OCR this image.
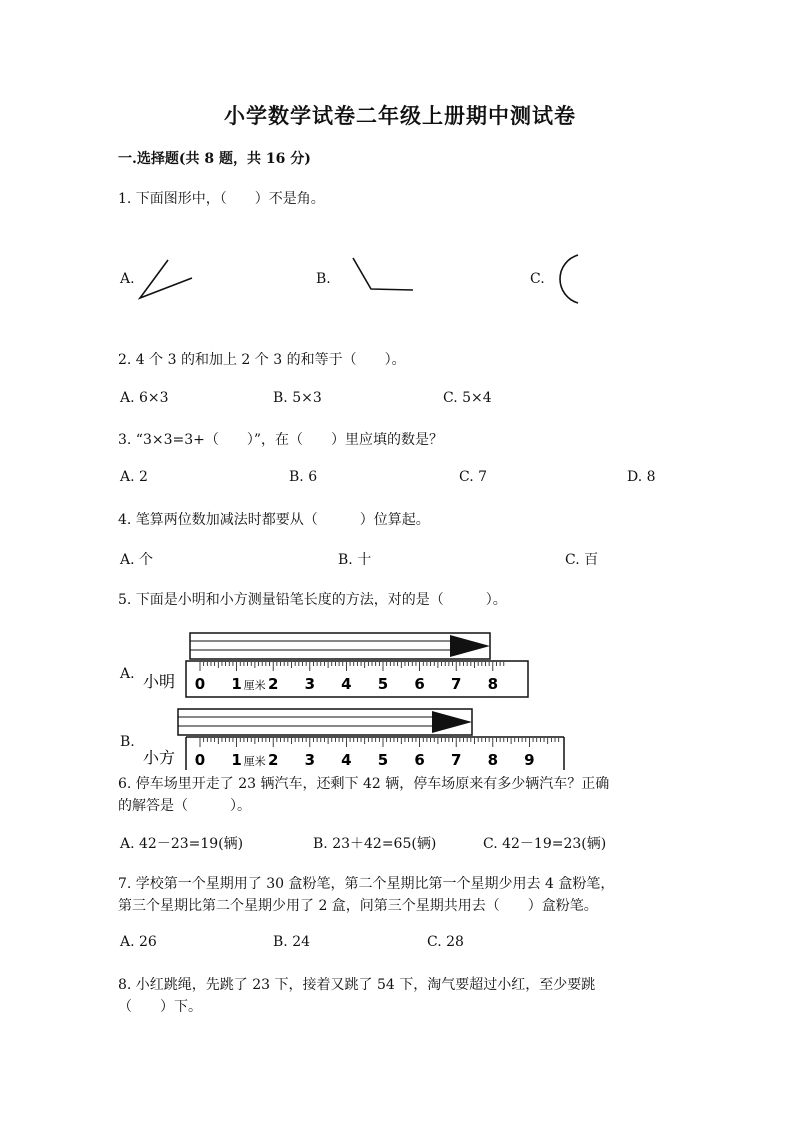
小学数学试卷二年级上册期中测试卷
一.选择题(共 8 题，共 16 分)
1. 下面图形中，（　　）不是角。
A.	B.	C.
2. 4 个 3 的和加上 2 个 3 的和等于（　　）。
A. 6×3	B. 5×3	C. 5×4
3. “3×3=3+（　　）”，在（　　）里应填的数是？
A. 2	B. 6	C. 7	D. 8
4. 笔算两位数加减法时都要从（　　　）位算起。
A. 个	B. 十	C. 百
5. 下面是小明和小方测量铅笔长度的方法，对的是（　　　）。
A.
B.
0 1 厘米 2 3 4 5 6 7 8
小明
0 1 厘米 2 3 4 5 6 7 8 9
小方
6. 停车场里开走了 23 辆汽车，还剩下 42 辆，停车场原来有多少辆汽车？正确
的解答是（　　　）。
A. 42－23=19(辆)	B. 23＋42=65(辆)	C. 42－19=23(辆)
7. 学校第一个星期用了 30 盒粉笔，第二个星期比第一个星期少用去 4 盒粉笔，
第三个星期比第二个星期少用了 2 盒，问第三个星期共用去（　　）盒粉笔。
A. 26	B. 24	C. 28
8. 小红跳绳，先跳了 23 下，接着又跳了 54 下，淘气要超过小红，至少要跳
（　　）下。
